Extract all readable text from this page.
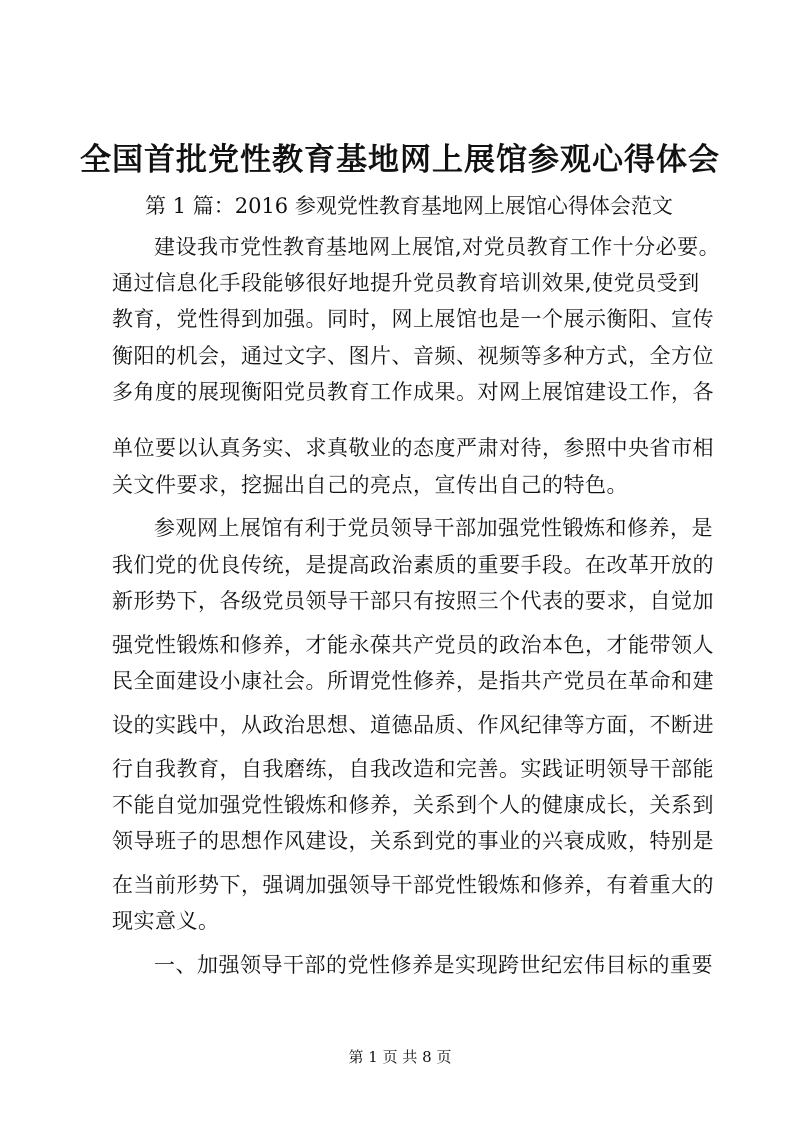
全国首批党性教育基地网上展馆参观心得体会

第 1 篇：2016 参观党性教育基地网上展馆心得体会范文

建设我市党性教育基地网上展馆,对党员教育工作十分必要。

通过信息化手段能够很好地提升党员教育培训效果,使党员受到

教育，党性得到加强。同时，网上展馆也是一个展示衡阳、宣传

衡阳的机会，通过文字、图片、音频、视频等多种方式，全方位

多角度的展现衡阳党员教育工作成果。对网上展馆建设工作，各

单位要以认真务实、求真敬业的态度严肃对待，参照中央省市相

关文件要求，挖掘出自己的亮点，宣传出自己的特色。

参观网上展馆有利于党员领导干部加强党性锻炼和修养，是

我们党的优良传统，是提高政治素质的重要手段。在改革开放的

新形势下，各级党员领导干部只有按照三个代表的要求，自觉加

强党性锻炼和修养，才能永葆共产党员的政治本色，才能带领人

民全面建设小康社会。所谓党性修养，是指共产党员在革命和建

设的实践中，从政治思想、道德品质、作风纪律等方面，不断进

行自我教育，自我磨练，自我改造和完善。实践证明领导干部能

不能自觉加强党性锻炼和修养，关系到个人的健康成长，关系到

领导班子的思想作风建设，关系到党的事业的兴衰成败，特别是

在当前形势下，强调加强领导干部党性锻炼和修养，有着重大的

现实意义。

一、加强领导干部的党性修养是实现跨世纪宏伟目标的重要

第 1 页 共 8 页
